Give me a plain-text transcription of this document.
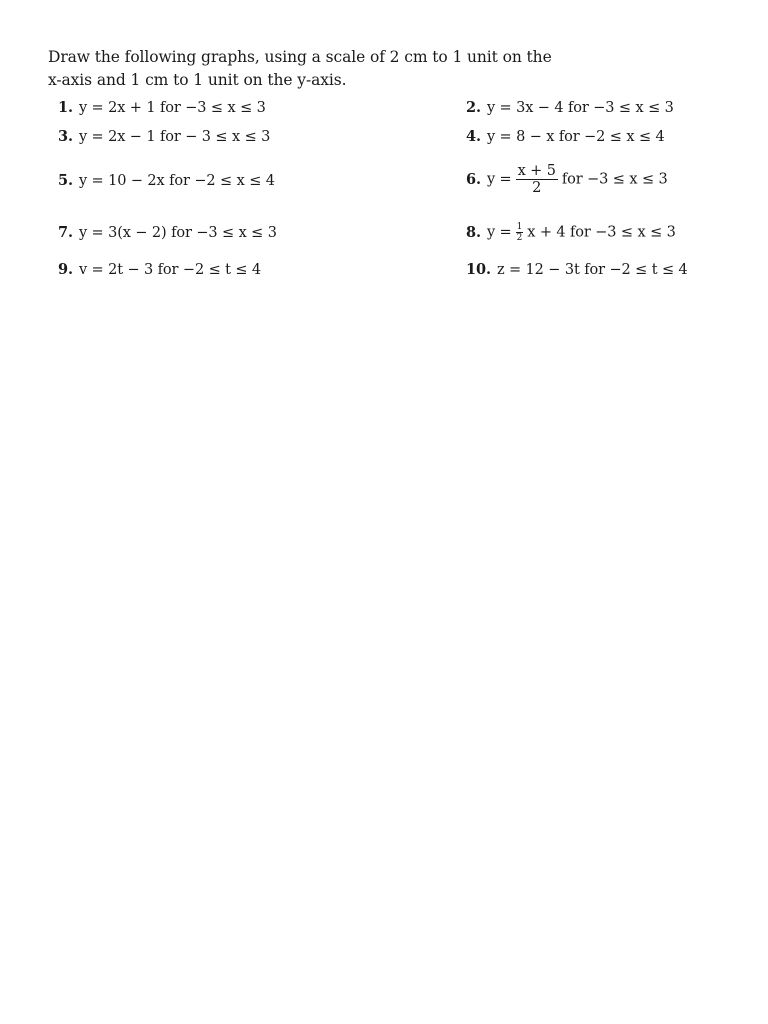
Draw the following graphs, using a scale of 2 cm to 1 unit on the
x-axis and 1 cm to 1 unit on the y-axis.
1. y = 2x + 1 for −3 ≤ x ≤ 3
3. y = 2x − 1 for − 3 ≤ x ≤ 3
5. y = 10 − 2x for −2 ≤ x ≤ 4
7. y = 3(x − 2) for −3 ≤ x ≤ 3
9. v = 2t − 3 for −2 ≤ t ≤ 4
2. y = 3x − 4 for −3 ≤ x ≤ 3
4. y = 8 − x for −2 ≤ x ≤ 4
6. $y = \frac{x + 5}{2}$ for −3 ≤ x ≤ 3
8. $y = \frac{1}{2}$ x + 4 for −3 ≤ x ≤ 3
10. z = 12 − 3t for −2 ≤ t ≤ 4
